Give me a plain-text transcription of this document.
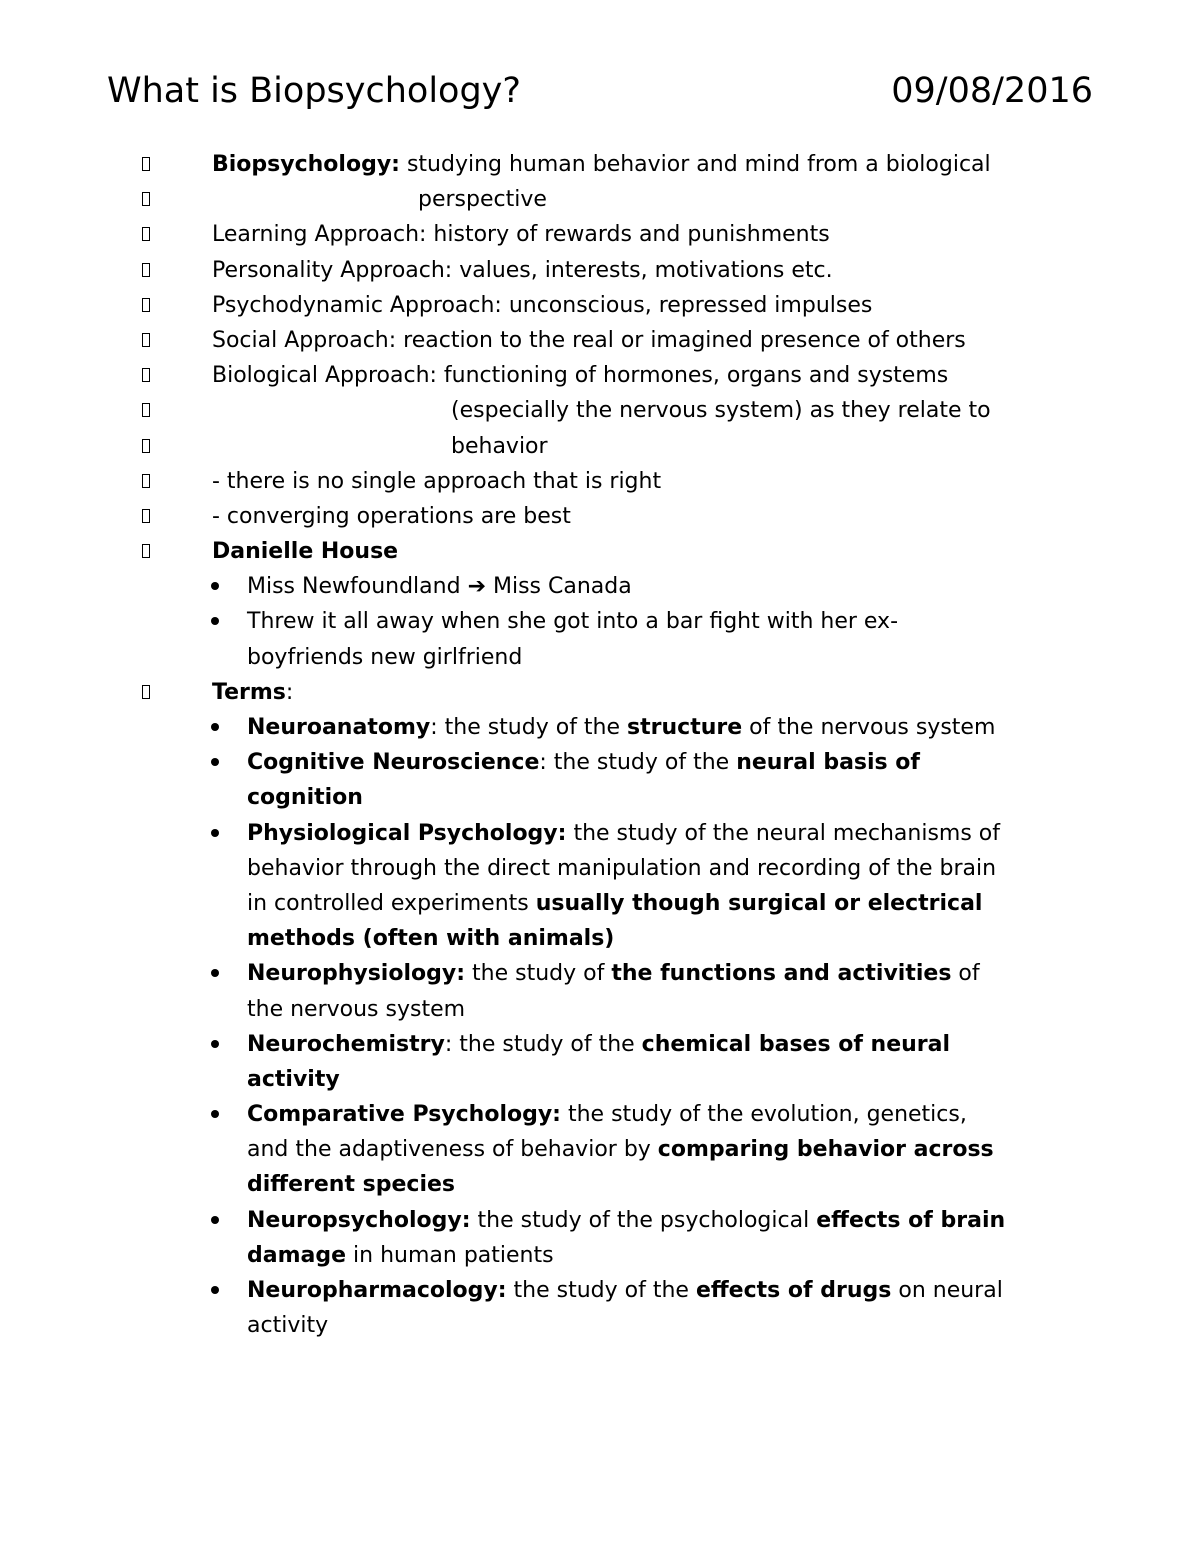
What is Biopsychology?	09/08/2016
Biopsychology: studying human behavior and mind from a biological
perspective
Learning Approach: history of rewards and punishments
Personality Approach: values, interests, motivations etc.
Psychodynamic Approach: unconscious, repressed impulses
Social Approach: reaction to the real or imagined presence of others
Biological Approach: functioning of hormones, organs and systems
(especially the nervous system) as they relate to
behavior
- there is no single approach that is right
- converging operations are best
Danielle House
Miss Newfoundland ➔ Miss Canada
Threw it all away when she got into a bar fight with her ex-
boyfriends new girlfriend
Terms:
Neuroanatomy: the study of the structure of the nervous system
Cognitive Neuroscience: the study of the neural basis of
cognition
Physiological Psychology: the study of the neural mechanisms of
behavior through the direct manipulation and recording of the brain
in controlled experiments usually though surgical or electrical
methods (often with animals)
Neurophysiology: the study of the functions and activities of
the nervous system
Neurochemistry: the study of the chemical bases of neural
activity
Comparative Psychology: the study of the evolution, genetics,
and the adaptiveness of behavior by comparing behavior across
different species
Neuropsychology: the study of the psychological effects of brain
damage in human patients
Neuropharmacology: the study of the effects of drugs on neural
activity
